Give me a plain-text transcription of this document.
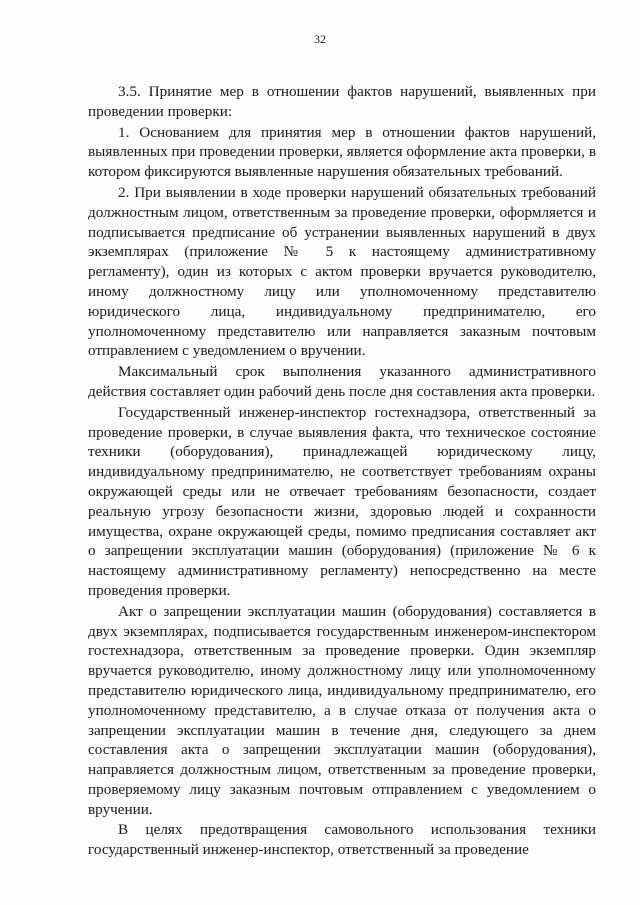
32

3.5. Принятие мер в отношении фактов нарушений, выявленных при проведении проверки:

1. Основанием для принятия мер в отношении фактов нарушений, выявленных при проведении проверки, является оформление акта проверки, в котором фиксируются выявленные нарушения обязательных требований.

2. При выявлении в ходе проверки нарушений обязательных требований должностным лицом, ответственным за проведение проверки, оформляется и подписывается предписание об устранении выявленных нарушений в двух экземплярах (приложение № 5 к настоящему административному регламенту), один из которых с актом проверки вручается руководителю, иному должностному лицу или уполномоченному представителю юридического лица, индивидуальному предпринимателю, его уполномоченному представителю или направляется заказным почтовым отправлением с уведомлением о вручении.

Максимальный срок выполнения указанного административного действия составляет один рабочий день после дня составления акта проверки.

Государственный инженер-инспектор гостехнадзора, ответственный за проведение проверки, в случае выявления факта, что техническое состояние техники (оборудования), принадлежащей юридическому лицу, индивидуальному предпринимателю, не соответствует требованиям охраны окружающей среды или не отвечает требованиям безопасности, создает реальную угрозу безопасности жизни, здоровью людей и сохранности имущества, охране окружающей среды, помимо предписания составляет акт о запрещении эксплуатации машин (оборудования) (приложение № 6 к настоящему административному регламенту) непосредственно на месте проведения проверки.

Акт о запрещении эксплуатации машин (оборудования) составляется в двух экземплярах, подписывается государственным инженером-инспектором гостехнадзора, ответственным за проведение проверки. Один экземпляр вручается руководителю, иному должностному лицу или уполномоченному представителю юридического лица, индивидуальному предпринимателю, его уполномоченному представителю, а в случае отказа от получения акта о запрещении эксплуатации машин в течение дня, следующего за днем составления акта о запрещении эксплуатации машин (оборудования), направляется должностным лицом, ответственным за проведение проверки, проверяемому лицу заказным почтовым отправлением с уведомлением о вручении.

В целях предотвращения самовольного использования техники государственный инженер-инспектор, ответственный за проведение
